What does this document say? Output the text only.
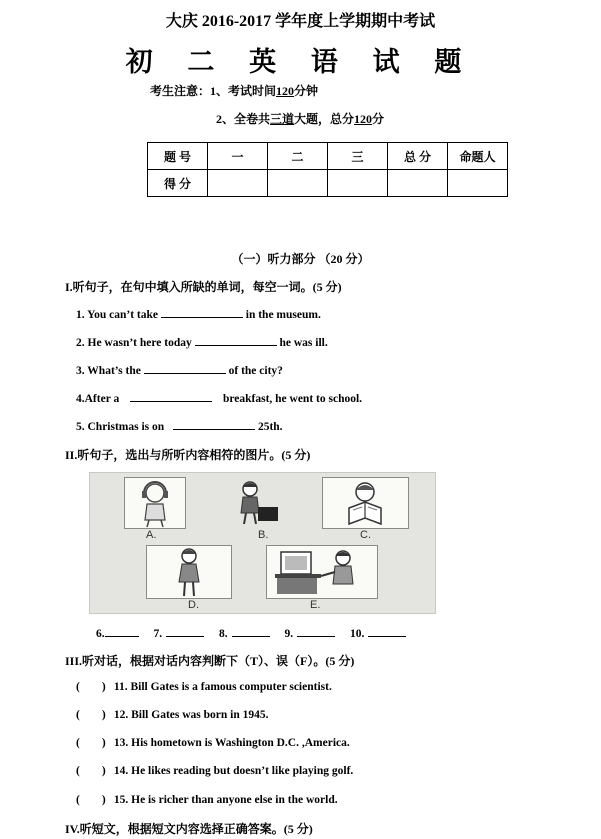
大庆 2016-2017 学年度上学期期中考试
初 二 英 语 试 题
考生注意：1、考试时间120分钟
2、全卷共三道大题，总分120分
题 号	一	二	三	总 分	命题人
得 分					
（一）听力部分 （20 分）
I.听句子，在句中填入所缺的单词，每空一词。(5 分)
1. You can’t take	in the museum.
2. He wasn’t here today	he was ill.
3. What’s the	of the city?
4.After a	breakfast, he went to school.
5. Christmas is on	25th.
II.听句子，选出与所听内容相符的图片。(5 分)
A.	B.	C.
D.	E.
6.	7.	8.	9.	10.
III.听对话，根据对话内容判断下（T）、误（F）。(5 分)
( ) 11. Bill Gates is a famous computer scientist.
( ) 12. Bill Gates was born in 1945.
( ) 13. His hometown is Washington D.C. ,America.
( ) 14. He likes reading but doesn’t like playing golf.
( ) 15. He is richer than anyone else in the world.
IV.听短文，根据短文内容选择正确答案。(5 分)
